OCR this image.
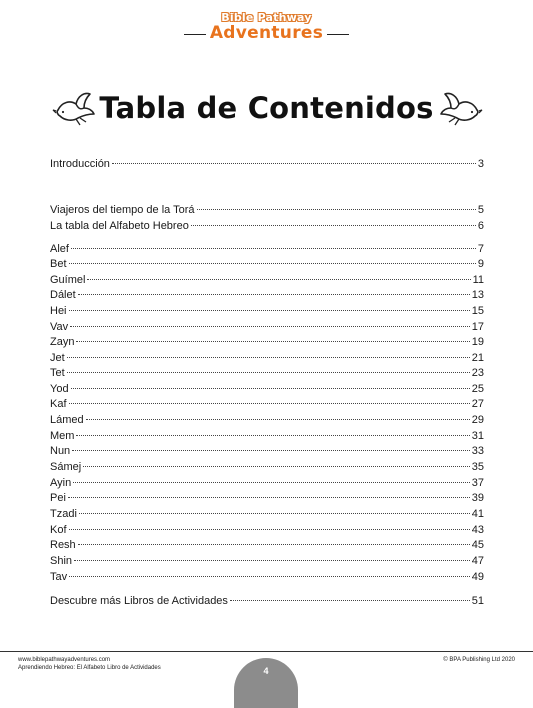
Bible Pathway
Adventures
Tabla de Contenidos
Introducción	3
Viajeros del tiempo de la Torá	5
La tabla del Alfabeto Hebreo	6
Alef	7
Bet	9
Guímel	11
Dálet	13
Hei	15
Vav	17
Zayn	19
Jet	21
Tet	23
Yod	25
Kaf	27
Lámed	29
Mem	31
Nun	33
Sámej	35
Ayin	37
Pei	39
Tzadi	41
Kof	43
Resh	45
Shin	47
Tav	49
Descubre más Libros de Actividades	51
www.biblepathwayadventures.com
Aprendiendo Hebreo: El Alfabeto Libro de Actividades
© BPA Publishing Ltd 2020
4
